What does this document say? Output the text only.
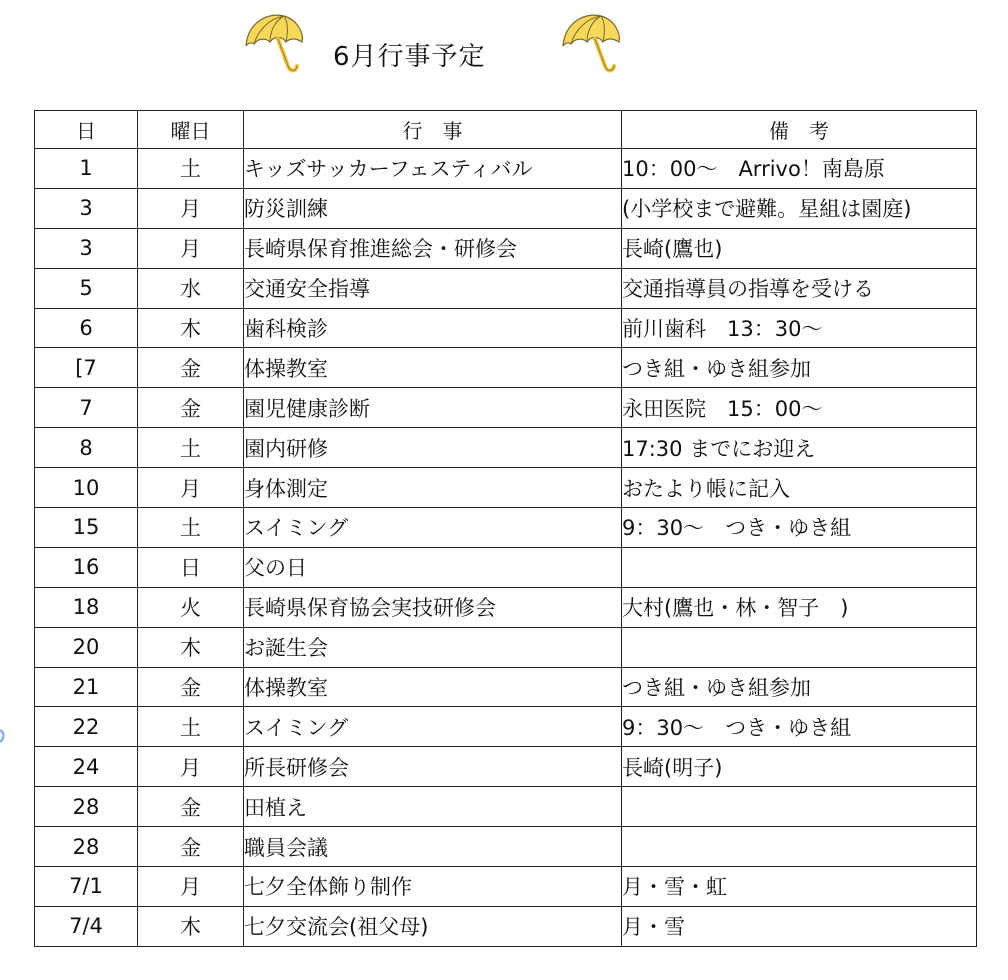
6月行事予定
日	曜日	行　事	備　考
1	土	キッズサッカーフェスティバル	10：00～　Arrivo！南島原
3	月	防災訓練	(小学校まで避難。星組は園庭)
3	月	長崎県保育推進総会・研修会	長崎(鷹也)
5	水	交通安全指導	交通指導員の指導を受ける
6	木	歯科検診	前川歯科　13：30～
[7	金	体操教室	つき組・ゆき組参加
7	金	園児健康診断	永田医院　15：00～
8	土	園内研修	17:30 までにお迎え
10	月	身体測定	おたより帳に記入
15	土	スイミング	9：30～　つき・ゆき組
16	日	父の日	
18	火	長崎県保育協会実技研修会	大村(鷹也・林・智子　)
20	木	お誕生会	
21	金	体操教室	つき組・ゆき組参加
22	土	スイミング	9：30～　つき・ゆき組
24	月	所長研修会	長崎(明子)
28	金	田植え	
28	金	職員会議	
7/1	月	七夕全体飾り制作	月・雪・虹
7/4	木	七夕交流会(祖父母)	月・雪
